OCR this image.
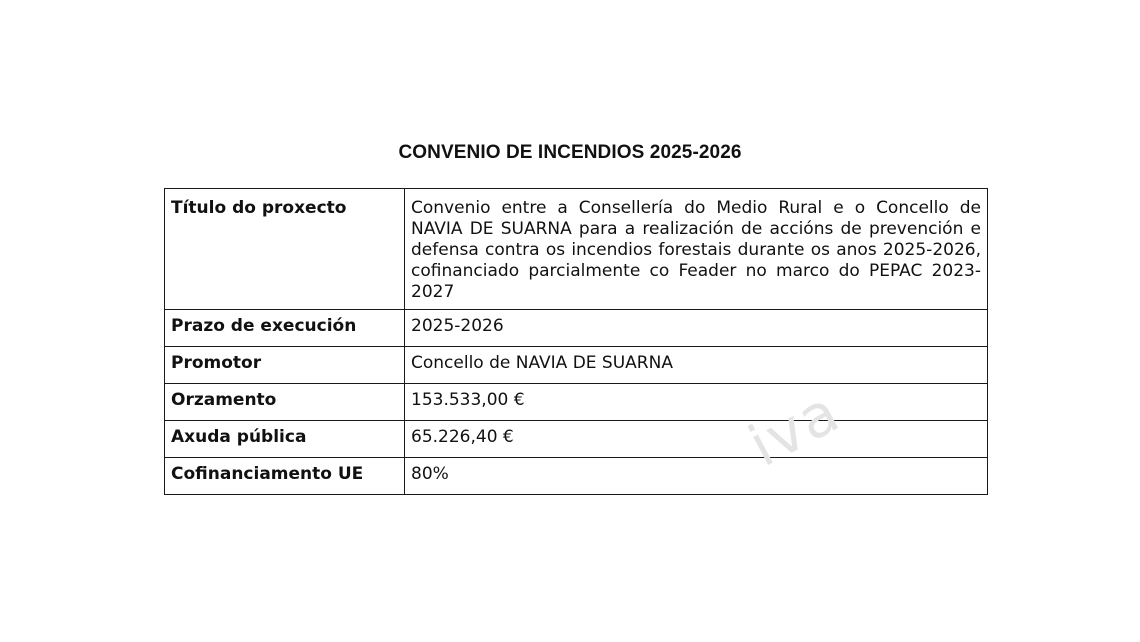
CONVENIO DE INCENDIOS 2025-2026
Título do proxecto	Convenio entre a Consellería do Medio Rural e o Concello de NAVIA DE SUARNA para a realización de accións de prevención e defensa contra os incendios forestais durante os anos 2025-2026, cofinanciado parcialmente co Feader no marco do PEPAC 2023-2027
Prazo de execución	2025-2026
Promotor	Concello de NAVIA DE SUARNA
Orzamento	153.533,00 €
Axuda pública	65.226,40 €
Cofinanciamento UE	80%	iva
